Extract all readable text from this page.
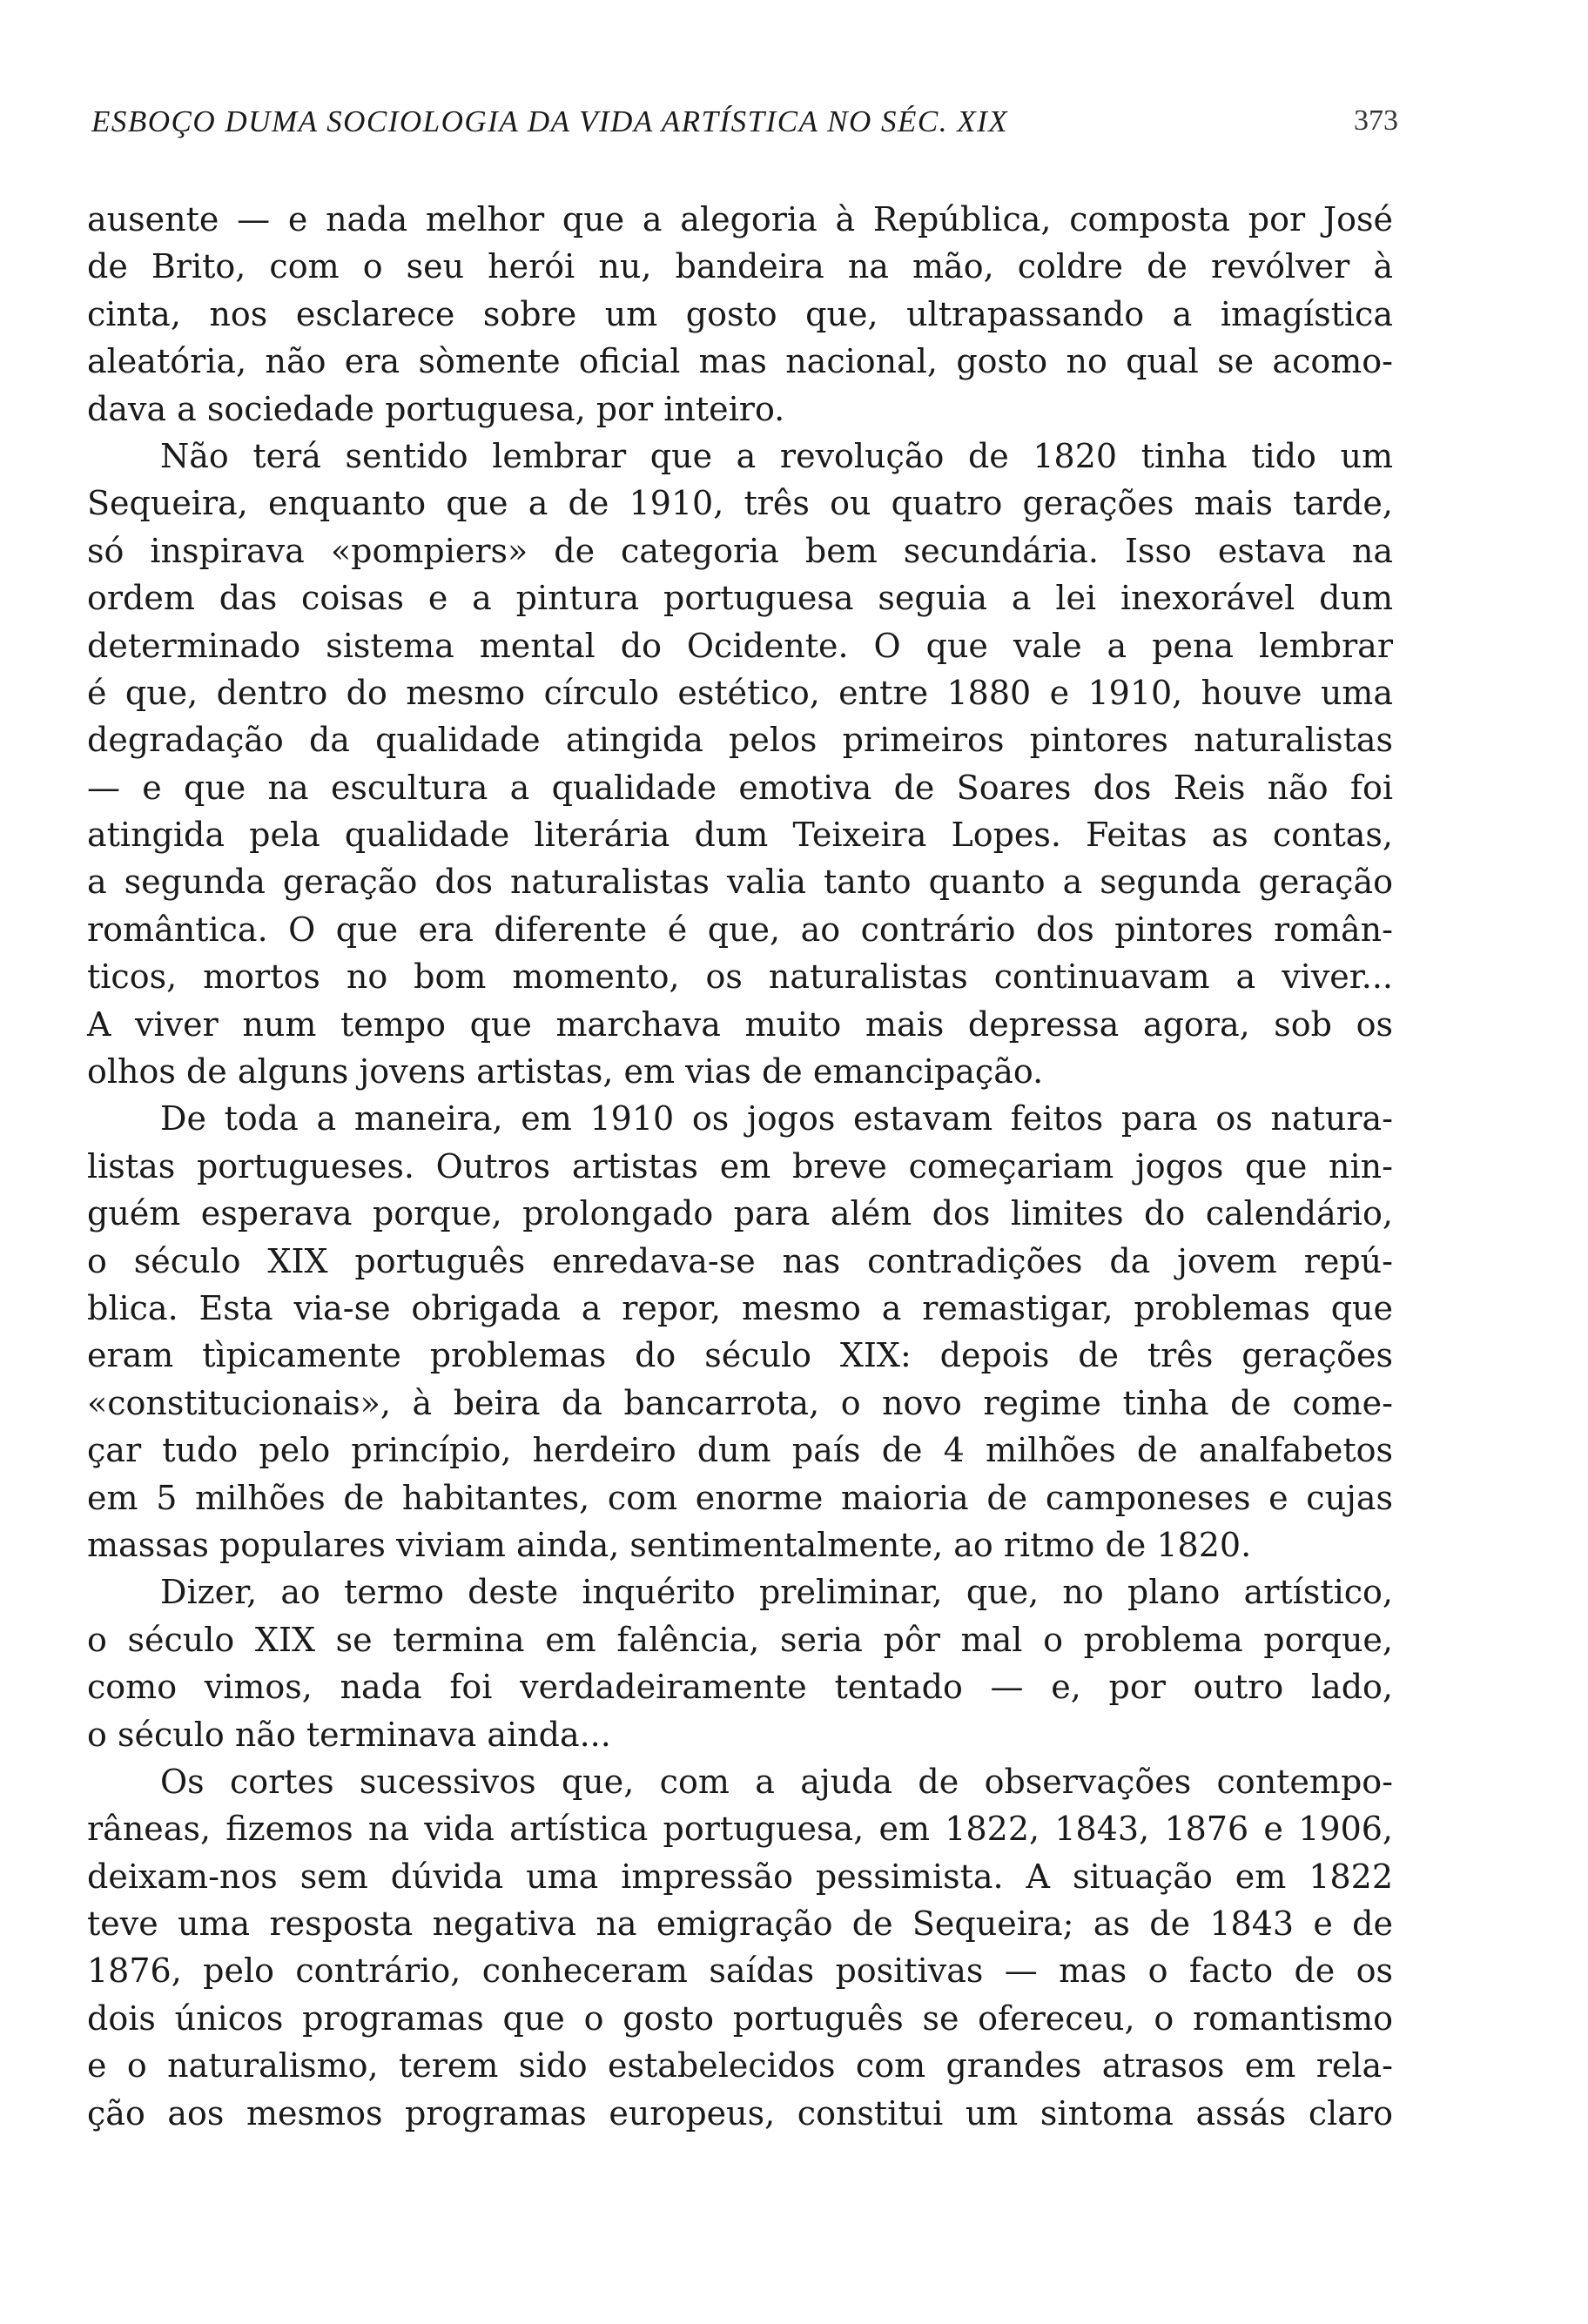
ESBOÇO DUMA SOCIOLOGIA DA VIDA ARTÍSTICA NO SÉC. XIX	373
ausente — e nada melhor que a alegoria à República, composta por José
de Brito, com o seu herói nu, bandeira na mão, coldre de revólver à
cinta, nos esclarece sobre um gosto que, ultrapassando a imagística
aleatória, não era sòmente oficial mas nacional, gosto no qual se acomo-
dava a sociedade portuguesa, por inteiro.
Não terá sentido lembrar que a revolução de 1820 tinha tido um
Sequeira, enquanto que a de 1910, três ou quatro gerações mais tarde,
só inspirava «pompiers» de categoria bem secundária. Isso estava na
ordem das coisas e a pintura portuguesa seguia a lei inexorável dum
determinado sistema mental do Ocidente. O que vale a pena lembrar
é que, dentro do mesmo círculo estético, entre 1880 e 1910, houve uma
degradação da qualidade atingida pelos primeiros pintores naturalistas
— e que na escultura a qualidade emotiva de Soares dos Reis não foi
atingida pela qualidade literária dum Teixeira Lopes. Feitas as contas,
a segunda geração dos naturalistas valia tanto quanto a segunda geração
romântica. O que era diferente é que, ao contrário dos pintores român-
ticos, mortos no bom momento, os naturalistas continuavam a viver...
A viver num tempo que marchava muito mais depressa agora, sob os
olhos de alguns jovens artistas, em vias de emancipação.
De toda a maneira, em 1910 os jogos estavam feitos para os natura-
listas portugueses. Outros artistas em breve começariam jogos que nin-
guém esperava porque, prolongado para além dos limites do calendário,
o século XIX português enredava-se nas contradições da jovem repú-
blica. Esta via-se obrigada a repor, mesmo a remastigar, problemas que
eram tìpicamente problemas do século XIX: depois de três gerações
«constitucionais», à beira da bancarrota, o novo regime tinha de come-
çar tudo pelo princípio, herdeiro dum país de 4 milhões de analfabetos
em 5 milhões de habitantes, com enorme maioria de camponeses e cujas
massas populares viviam ainda, sentimentalmente, ao ritmo de 1820.
Dizer, ao termo deste inquérito preliminar, que, no plano artístico,
o século XIX se termina em falência, seria pôr mal o problema porque,
como vimos, nada foi verdadeiramente tentado — e, por outro lado,
o século não terminava ainda...
Os cortes sucessivos que, com a ajuda de observações contempo-
râneas, fizemos na vida artística portuguesa, em 1822, 1843, 1876 e 1906,
deixam-nos sem dúvida uma impressão pessimista. A situação em 1822
teve uma resposta negativa na emigração de Sequeira; as de 1843 e de
1876, pelo contrário, conheceram saídas positivas — mas o facto de os
dois únicos programas que o gosto português se ofereceu, o romantismo
e o naturalismo, terem sido estabelecidos com grandes atrasos em rela-
ção aos mesmos programas europeus, constitui um sintoma assás claro
